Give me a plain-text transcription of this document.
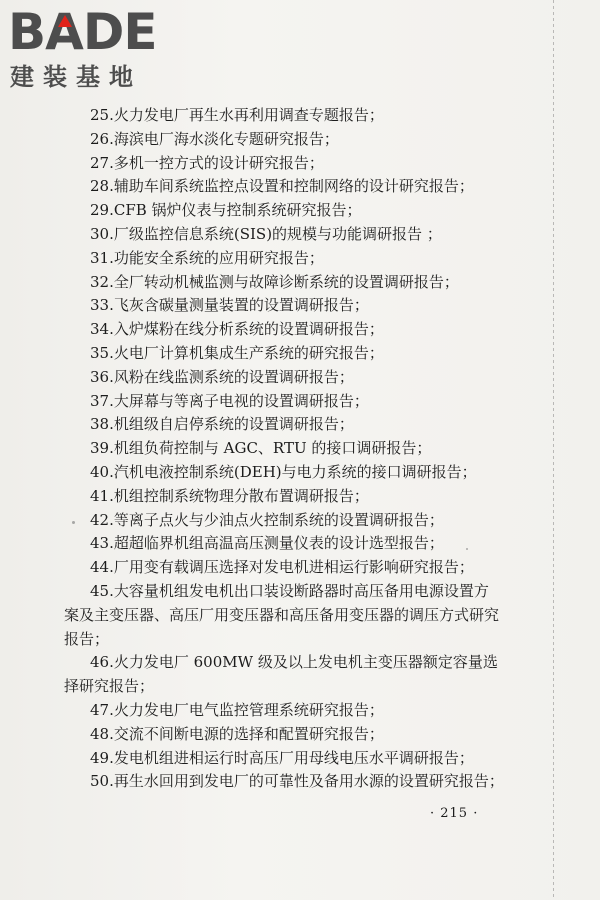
B A DE
建装基地
25.火力发电厂再生水再利用调查专题报告；
26.海滨电厂海水淡化专题研究报告；
27.多机一控方式的设计研究报告；
28.辅助车间系统监控点设置和控制网络的设计研究报告；
29.CFB 锅炉仪表与控制系统研究报告；
30.厂级监控信息系统(SIS)的规模与功能调研报告 ；
31.功能安全系统的应用研究报告；
32.全厂转动机械监测与故障诊断系统的设置调研报告；
33.飞灰含碳量测量装置的设置调研报告；
34.入炉煤粉在线分析系统的设置调研报告；
35.火电厂计算机集成生产系统的研究报告；
36.风粉在线监测系统的设置调研报告；
37.大屏幕与等离子电视的设置调研报告；
38.机组级自启停系统的设置调研报告；
39.机组负荷控制与 AGC、RTU 的接口调研报告；
40.汽机电液控制系统(DEH)与电力系统的接口调研报告；
41.机组控制系统物理分散布置调研报告；
42.等离子点火与少油点火控制系统的设置调研报告；
43.超超临界机组高温高压测量仪表的设计选型报告；
44.厂用变有载调压选择对发电机进相运行影响研究报告；
45.大容量机组发电机出口装设断路器时高压备用电源设置方案及主变压器、高压厂用变压器和高压备用变压器的调压方式研究报告；
46.火力发电厂 600MW 级及以上发电机主变压器额定容量选择研究报告；
47.火力发电厂电气监控管理系统研究报告；
48.交流不间断电源的选择和配置研究报告；
49.发电机组进相运行时高压厂用母线电压水平调研报告；
50.再生水回用到发电厂的可靠性及备用水源的设置研究报告；
· 215 ·
